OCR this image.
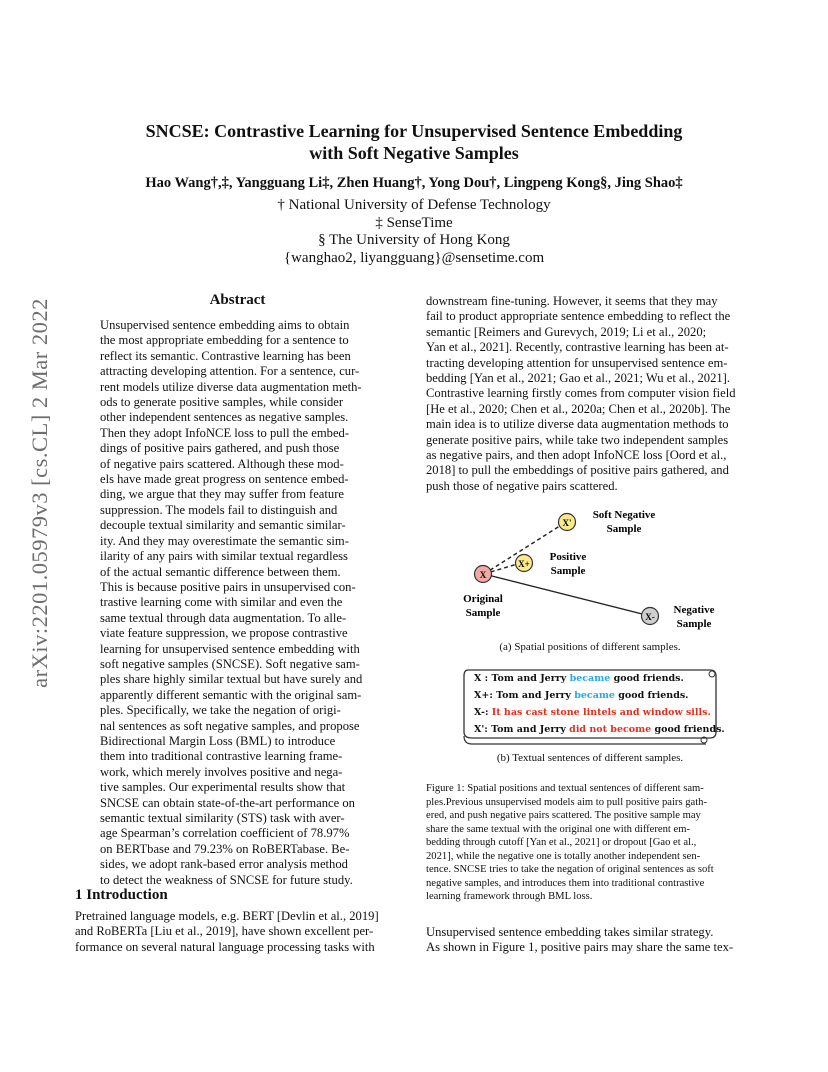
SNCSE: Contrastive Learning for Unsupervised Sentence Embedding
with Soft Negative Samples
Hao Wang†,‡, Yangguang Li‡, Zhen Huang†, Yong Dou†, Lingpeng Kong§, Jing Shao‡
† National University of Defense Technology
‡ SenseTime
§ The University of Hong Kong
{wanghao2, liyangguang}@sensetime.com
arXiv:2201.05979v3 [cs.CL] 2 Mar 2022	Abstract
Unsupervised sentence embedding aims to obtain
the most appropriate embedding for a sentence to
reflect its semantic. Contrastive learning has been
attracting developing attention. For a sentence, cur-
rent models utilize diverse data augmentation meth-
ods to generate positive samples, while consider
other independent sentences as negative samples.
Then they adopt InfoNCE loss to pull the embed-
dings of positive pairs gathered, and push those
of negative pairs scattered. Although these mod-
els have made great progress on sentence embed-
ding, we argue that they may suffer from feature
suppression. The models fail to distinguish and
decouple textual similarity and semantic similar-
ity. And they may overestimate the semantic sim-
ilarity of any pairs with similar textual regardless
of the actual semantic difference between them.
This is because positive pairs in unsupervised con-
trastive learning come with similar and even the
same textual through data augmentation. To alle-
viate feature suppression, we propose contrastive
learning for unsupervised sentence embedding with
soft negative samples (SNCSE). Soft negative sam-
ples share highly similar textual but have surely and
apparently different semantic with the original sam-
ples. Specifically, we take the negation of origi-
nal sentences as soft negative samples, and propose
Bidirectional Margin Loss (BML) to introduce
them into traditional contrastive learning frame-
work, which merely involves positive and nega-
tive samples. Our experimental results show that
SNCSE can obtain state-of-the-art performance on
semantic textual similarity (STS) task with aver-
age Spearman’s correlation coefficient of 78.97%
on BERTbase and 79.23% on RoBERTabase. Be-
sides, we adopt rank-based error analysis method
to detect the weakness of SNCSE for future study.
1 Introduction
Pretrained language models, e.g. BERT [Devlin et al., 2019]
and RoBERTa [Liu et al., 2019], have shown excellent per-
formance on several natural language processing tasks with
downstream fine-tuning. However, it seems that they may
fail to product appropriate sentence embedding to reflect the
semantic [Reimers and Gurevych, 2019; Li et al., 2020;
Yan et al., 2021]. Recently, contrastive learning has been at-
tracting developing attention for unsupervised sentence em-
bedding [Yan et al., 2021; Gao et al., 2021; Wu et al., 2021].
Contrastive learning firstly comes from computer vision field
[He et al., 2020; Chen et al., 2020a; Chen et al., 2020b]. The
main idea is to utilize diverse data augmentation methods to
generate positive pairs, while take two independent samples
as negative pairs, and then adopt InfoNCE loss [Oord et al.,
2018] to pull the embeddings of positive pairs gathered, and
push those of negative pairs scattered.
X'
X+
X
X-
Soft Negative
Sample
Positive
Sample
Original
Sample	Negative
Sample
(a) Spatial positions of different samples.
X : Tom and Jerry became good friends.
X+: Tom and Jerry became good friends.
X-: It has cast stone lintels and window sills.
X': Tom and Jerry did not become good friends.
(b) Textual sentences of different samples.
Figure 1: Spatial positions and textual sentences of different sam-
ples.Previous unsupervised models aim to pull positive pairs gath-
ered, and push negative pairs scattered. The positive sample may
share the same textual with the original one with different em-
bedding through cutoff [Yan et al., 2021] or dropout [Gao et al.,
2021], while the negative one is totally another independent sen-
tence. SNCSE tries to take the negation of original sentences as soft
negative samples, and introduces them into traditional contrastive
learning framework through BML loss.
Unsupervised sentence embedding takes similar strategy.
As shown in Figure 1, positive pairs may share the same tex-
